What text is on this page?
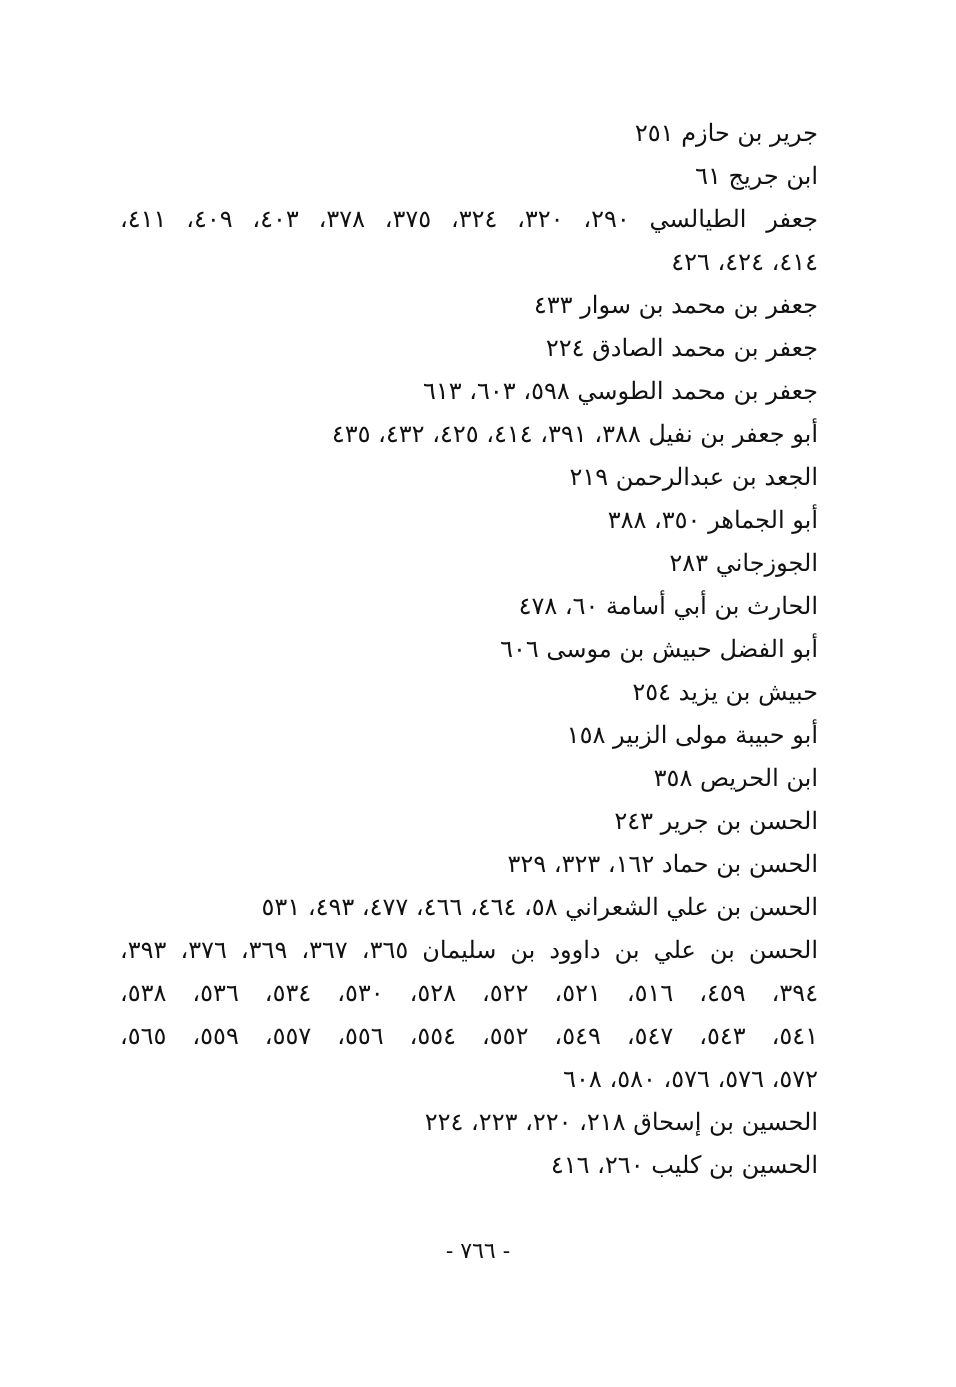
جرير بن حازم ٢٥١
ابن جريج ٦١
جعفر الطيالسي ٢٩٠، ٣٢٠، ٣٢٤، ٣٧٥، ٣٧٨، ٤٠٣، ٤٠٩، ٤١١،
٤١٤، ٤٢٤، ٤٢٦
جعفر بن محمد بن سوار ٤٣٣
جعفر بن محمد الصادق ٢٢٤
جعفر بن محمد الطوسي ٥٩٨، ٦٠٣، ٦١٣
أبو جعفر بن نفيل ٣٨٨، ٣٩١، ٤١٤، ٤٢٥، ٤٣٢، ٤٣٥
الجعد بن عبدالرحمن ٢١٩
أبو الجماهر ٣٥٠، ٣٨٨
الجوزجاني ٢٨٣
الحارث بن أبي أسامة ٦٠، ٤٧٨
أبو الفضل حبيش بن موسى ٦٠٦
حبيش بن يزيد ٢٥٤
أبو حبيبة مولى الزبير ١٥٨
ابن الحريص ٣٥٨
الحسن بن جرير ٢٤٣
الحسن بن حماد ١٦٢، ٣٢٣، ٣٢٩
الحسن بن علي الشعراني ٥٨، ٤٦٤، ٤٦٦، ٤٧٧، ٤٩٣، ٥٣١
الحسن بن علي بن داوود بن سليمان ٣٦٥، ٣٦٧، ٣٦٩، ٣٧٦، ٣٩٣،
٣٩٤، ٤٥٩، ٥١٦، ٥٢١، ٥٢٢، ٥٢٨، ٥٣٠، ٥٣٤، ٥٣٦، ٥٣٨،
٥٤١، ٥٤٣، ٥٤٧، ٥٤٩، ٥٥٢، ٥٥٤، ٥٥٦، ٥٥٧، ٥٥٩، ٥٦٥،
٥٧٢، ٥٧٦، ٥٧٦، ٥٨٠، ٦٠٨
الحسين بن إسحاق ٢١٨، ٢٢٠، ٢٢٣، ٢٢٤
الحسين بن كليب ٢٦٠، ٤١٦
- ٧٦٦ -
